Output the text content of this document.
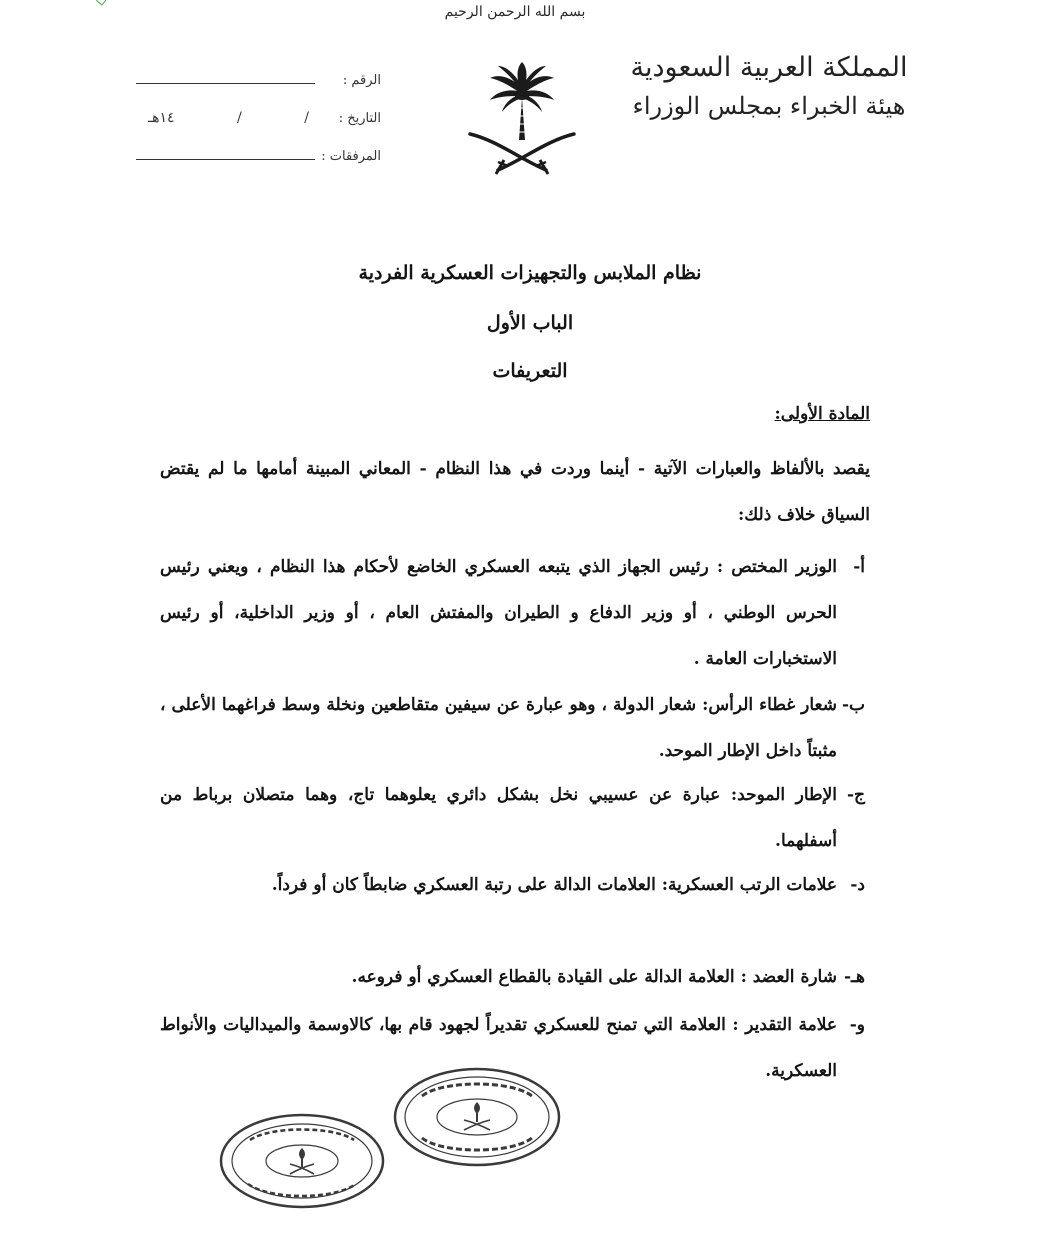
بسم الله الرحمن الرحيم
المملكة العربية السعودية
هيئة الخبراء بمجلس الوزراء
الرقم :
التاريخ :
/
/
١٤هـ
المرفقات :
نظام الملابس والتجهيزات العسكرية الفردية
الباب الأول
التعريفات
المادة الأولى:
يقصد بالألفاظ والعبارات الآتية - أينما وردت في هذا النظام - المعاني المبينة أمامها ما لم يقتض السياق خلاف ذلك:
أ-
الوزير المختص : رئيس الجهاز الذي يتبعه العسكري الخاضع لأحكام هذا النظام ، ويعني رئيس الحرس الوطني ، أو وزير الدفاع و الطيران والمفتش العام ، أو وزير الداخلية، أو رئيس الاستخبارات العامة .
ب-
شعار غطاء الرأس: شعار الدولة ، وهو عبارة عن سيفين متقاطعين ونخلة وسط فراغهما الأعلى ، مثبتاً داخل الإطار الموحد.
ج-
الإطار الموحد: عبارة عن عسيبي نخل بشكل دائري يعلوهما تاج، وهما متصلان برباط من أسفلهما.
د-
علامات الرتب العسكرية: العلامات الدالة على رتبة العسكري ضابطاً كان أو فرداً.
هـ-
شارة العضد : العلامة الدالة على القيادة بالقطاع العسكري أو فروعه.
و-
علامة التقدير : العلامة التي تمنح للعسكري تقديراً لجهود قام بها، كالاوسمة والميداليات والأنواط العسكرية.
